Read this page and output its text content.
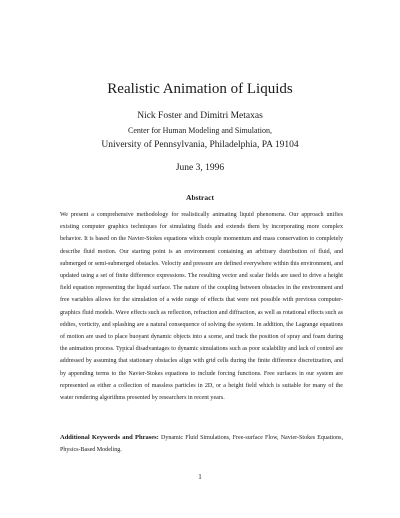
Realistic Animation of Liquids
Nick Foster and Dimitri Metaxas
Center for Human Modeling and Simulation,
University of Pennsylvania, Philadelphia, PA 19104
June 3, 1996
Abstract
We present a comprehensive methodology for realistically animating liquid phenomena. Our approach unifies existing computer graphics techniques for simulating fluids and extends them by incorporating more complex behavior. It is based on the Navier-Stokes equations which couple momentum and mass conservation to completely describe fluid motion. Our starting point is an environment containing an arbitrary distribution of fluid, and submerged or semi-submerged obstacles. Velocity and pressure are defined everywhere within this environment, and updated using a set of finite difference expressions. The resulting vector and scalar fields are used to drive a height field equation representing the liquid surface. The nature of the coupling between obstacles in the environment and free variables allows for the simulation of a wide range of effects that were not possible with previous computer-graphics fluid models. Wave effects such as reflection, refraction and diffraction, as well as rotational effects such as eddies, vorticity, and splashing are a natural consequence of solving the system. In addition, the Lagrange equations of motion are used to place buoyant dynamic objects into a scene, and track the position of spray and foam during the animation process. Typical disadvantages to dynamic simulations such as poor scalability and lack of control are addressed by assuming that stationary obstacles align with grid cells during the finite difference discretization, and by appending terms to the Navier-Stokes equations to include forcing functions. Free surfaces in our system are represented as either a collection of massless particles in 2D, or a height field which is suitable for many of the water rendering algorithms presented by researchers in recent years.
Additional Keywords and Phrases: Dynamic Fluid Simulations, Free-surface Flow, Navier-Stokes Equations, Physics-Based Modeling.
1
